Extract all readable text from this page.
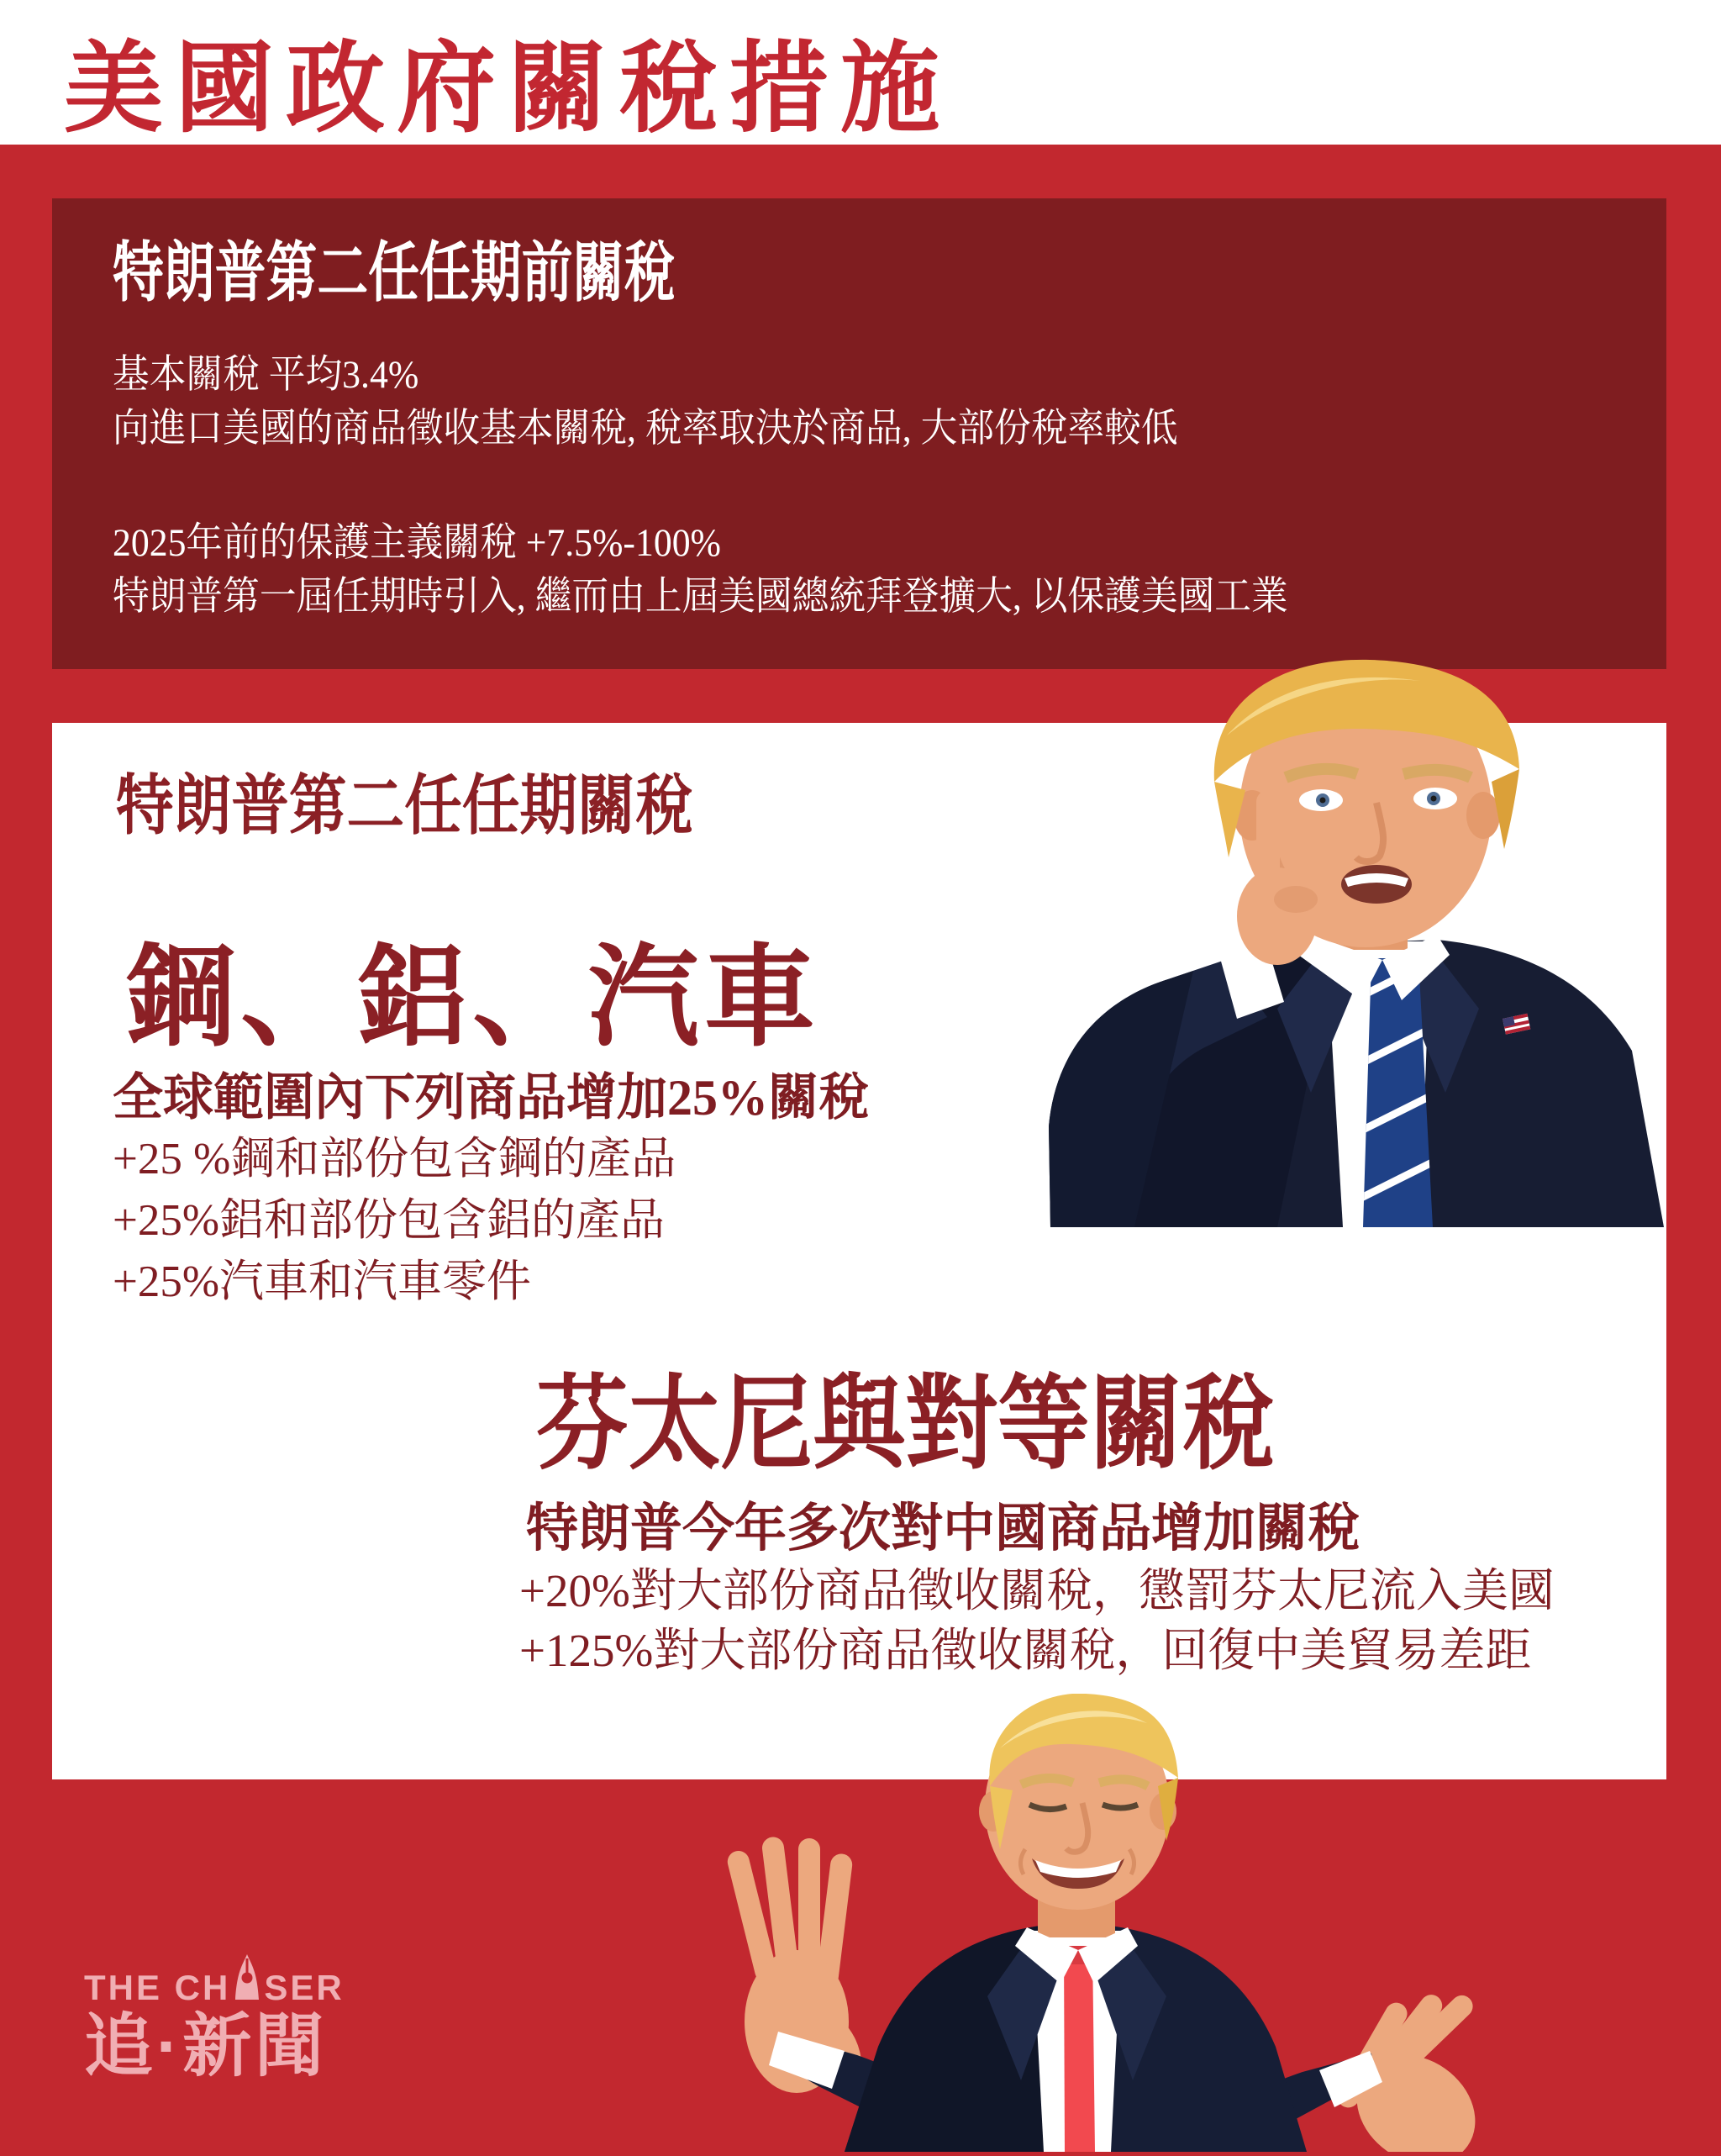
美國政府關稅措施
特朗普第二任任期前關稅
基本關稅 平均3.4%
向進口美國的商品徵收基本關稅, 稅率取決於商品, 大部份稅率較低
2025年前的保護主義關稅 +7.5%-100%
特朗普第一屆任期時引入, 繼而由上屆美國總統拜登擴大, 以保護美國工業
特朗普第二任任期關稅
鋼、鋁、汽車
全球範圍內下列商品增加25%關稅
+25 %鋼和部份包含鋼的產品
+25%鋁和部份包含鋁的產品
+25%汽車和汽車零件
芬太尼與對等關稅
特朗普今年多次對中國商品增加關稅
+20%對大部份商品徵收關稅，懲罰芬太尼流入美國
+125%對大部份商品徵收關稅，回復中美貿易差距
THE CH SER
追·新聞
